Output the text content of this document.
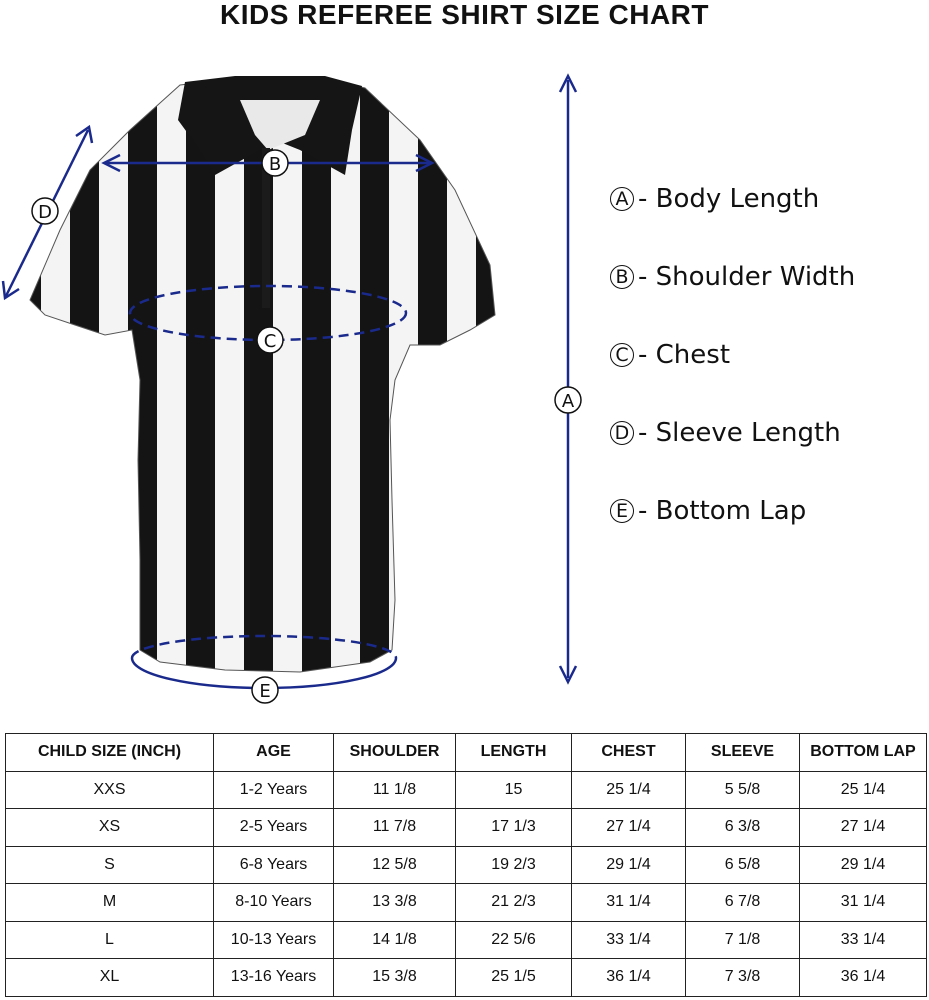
KIDS REFEREE SHIRT SIZE CHART
A
B
C
D
E
A - Body Length
B - Shoulder Width
C - Chest
D - Sleeve Length
E - Bottom Lap
CHILD SIZE (INCH)	AGE	SHOULDER	LENGTH	CHEST	SLEEVE	BOTTOM LAP
XXS	1-2 Years	11 1/8	15	25 1/4	5 5/8	25 1/4
XS	2-5 Years	11 7/8	17 1/3	27 1/4	6 3/8	27 1/4
S	6-8 Years	12 5/8	19 2/3	29 1/4	6 5/8	29 1/4
M	8-10 Years	13 3/8	21 2/3	31 1/4	6 7/8	31 1/4
L	10-13 Years	14 1/8	22 5/6	33 1/4	7 1/8	33 1/4
XL	13-16 Years	15 3/8	25 1/5	36 1/4	7 3/8	36 1/4
